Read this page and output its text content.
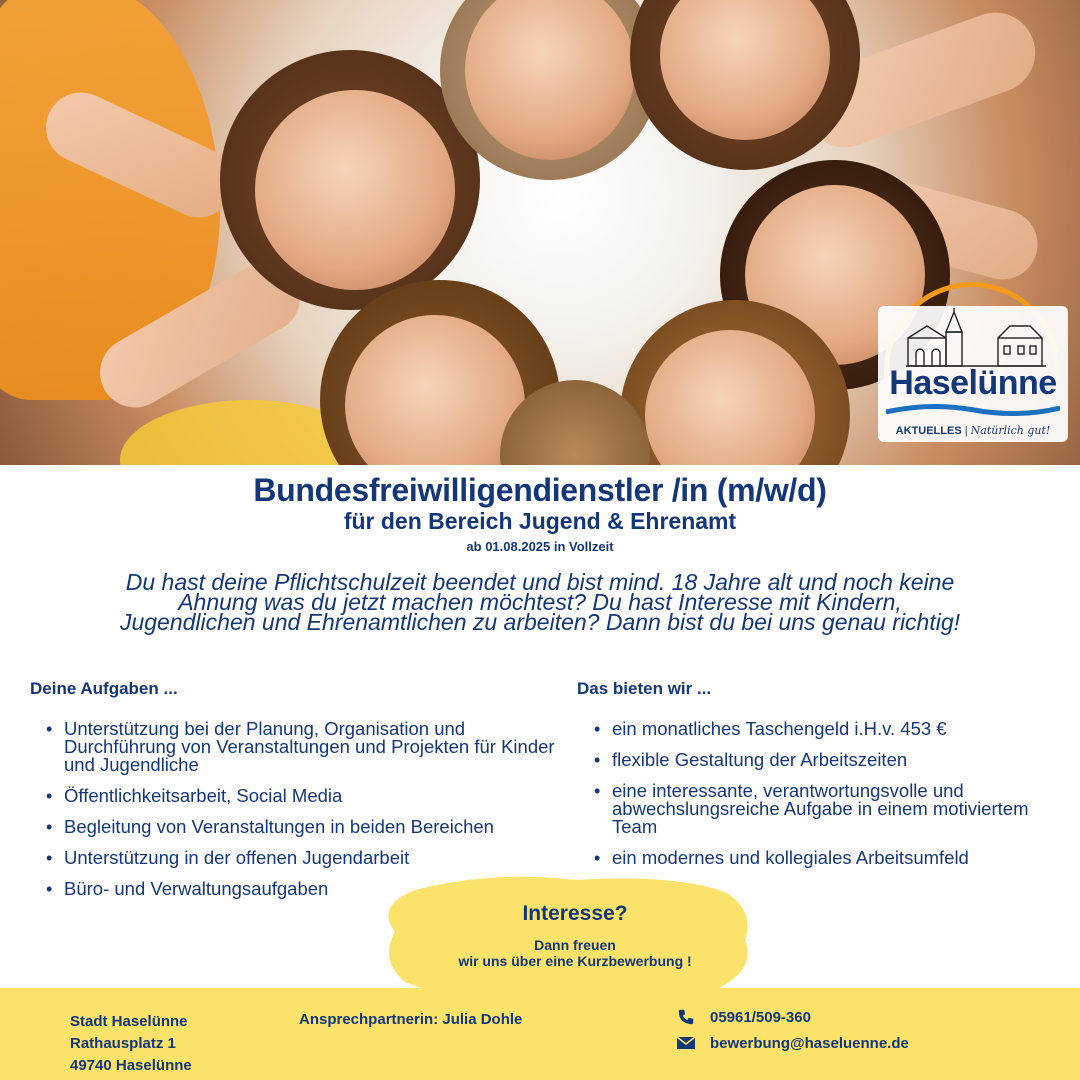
Haselünne
AKTUELLES | Natürlich gut!
Bundesfreiwilligendienstler /in (m/w/d)
für den Bereich Jugend & Ehrenamt
ab 01.08.2025 in Vollzeit
Du hast deine Pflichtschulzeit beendet und bist mind. 18 Jahre alt und noch keine
Ahnung was du jetzt machen möchtest? Du hast Interesse mit Kindern,
Jugendlichen und Ehrenamtlichen zu arbeiten? Dann bist du bei uns genau richtig!
Deine Aufgaben ...
• Unterstützung bei der Planung, Organisation und Durchführung von Veranstaltungen und Projekten für Kinder und Jugendliche
• Öffentlichkeitsarbeit, Social Media
• Begleitung von Veranstaltungen in beiden Bereichen
• Unterstützung in der offenen Jugendarbeit
• Büro- und Verwaltungsaufgaben
Das bieten wir ...
• ein monatliches Taschengeld i.H.v. 453 €
• flexible Gestaltung der Arbeitszeiten
• eine interessante, verantwortungsvolle und abwechslungsreiche Aufgabe in einem motiviertem Team
• ein modernes und kollegiales Arbeitsumfeld
Interesse?
Dann freuen
wir uns über eine Kurzbewerbung !
Stadt Haselünne
Rathausplatz 1
49740 Haselünne
Ansprechpartnerin: Julia Dohle	05961/509-360
bewerbung@haseluenne.de
